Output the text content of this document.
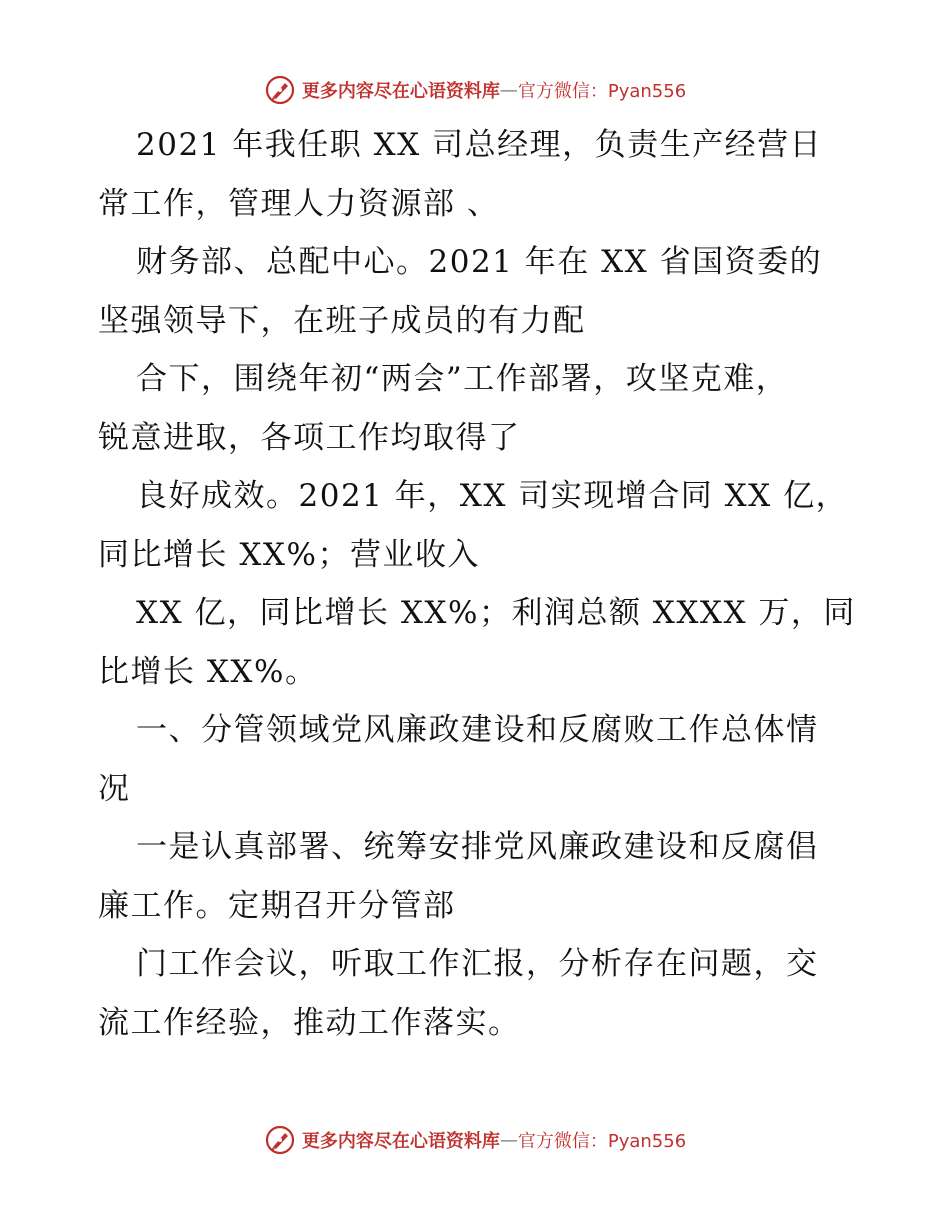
更多内容尽在心语资料库 — 官方微信：Pyan556
2021 年我任职 XX 司总经理，负责生产经营日
常工作，管理人力资源部 、
财务部、总配中心。2021 年在 XX 省国资委的
坚强领导下，在班子成员的有力配
合下，围绕年初“两会”工作部署，攻坚克难，
锐意进取，各项工作均取得了
良好成效。2021 年，XX 司实现增合同 XX 亿，
同比增长 XX%；营业收入
XX 亿，同比增长 XX%；利润总额 XXXX 万，同
比增长 XX%。
一、分管领域党风廉政建设和反腐败工作总体情
况
一是认真部署、统筹安排党风廉政建设和反腐倡
廉工作。定期召开分管部
门工作会议，听取工作汇报，分析存在问题，交
流工作经验，推动工作落实。
更多内容尽在心语资料库 — 官方微信：Pyan556
